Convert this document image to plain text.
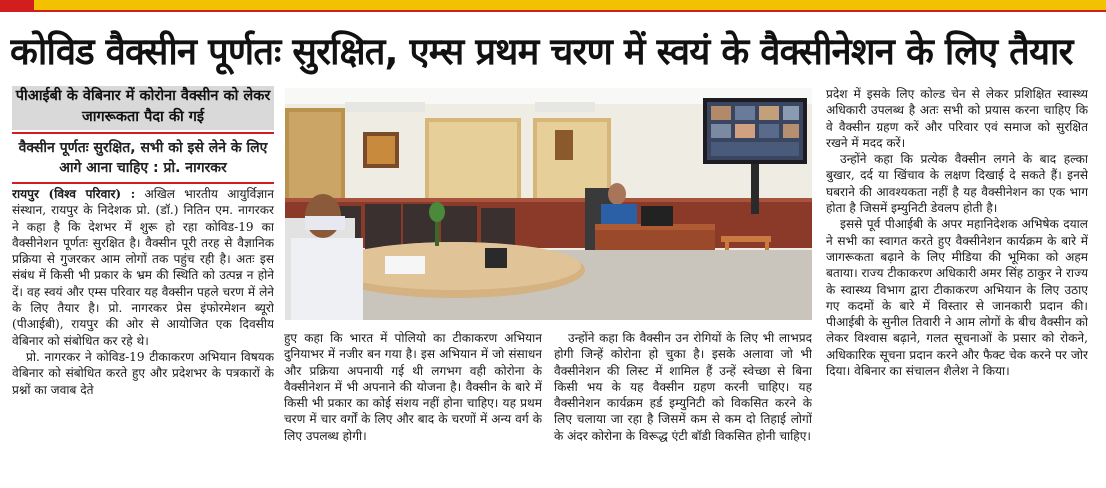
कोविड वैक्सीन पूर्णतः सुरक्षित, एम्स प्रथम चरण में स्वयं के वैक्सीनेशन के लिए तैयार
पीआईबी के वेबिनार में कोरोना वैक्सीन को लेकर जागरूकता पैदा की गई
वैक्सीन पूर्णतः सुरक्षित, सभी को इसे लेने के लिए आगे आना चाहिए : प्रो. नागरकर

रायपुर (विश्व परिवार) : अखिल भारतीय आयुर्विज्ञान संस्थान, रायपुर के निदेशक प्रो. (डॉ.) नितिन एम. नागरकर ने कहा है कि देशभर में शुरू हो रहा कोविड-19 का वैक्सीनेशन पूर्णतः सुरक्षित है। वैक्सीन पूरी तरह से वैज्ञानिक प्रक्रिया से गुजरकर आम लोगों तक पहुंच रही है। अतः इस संबंध में किसी भी प्रकार के भ्रम की स्थिति को उत्पन्न न होने दें। वह स्वयं और एम्स परिवार यह वैक्सीन पहले चरण में लेने के लिए तैयार है। प्रो. नागरकर प्रेस इंफोरमेशन ब्यूरो (पीआईबी), रायपुर की ओर से आयोजित एक दिवसीय वेबिनार को संबोधित कर रहे थे।

प्रो. नागरकर ने कोविड-19 टीकाकरण अभियान विषयक वेबिनार को संबोधित करते हुए और प्रदेशभर के पत्रकारों के प्रश्नों का जवाब देते

हुए कहा कि भारत में पोलियो का टीकाकरण अभियान दुनियाभर में नजीर बन गया है। इस अभियान में जो संसाधन और प्रक्रिया अपनायी गई थी लगभग वही कोरोना के वैक्सीनेशन में भी अपनाने की योजना है। वैक्सीन के बारे में किसी भी प्रकार का कोई संशय नहीं होना चाहिए। यह प्रथम चरण में चार वर्गों के लिए और बाद के चरणों में अन्य वर्ग के लिए उपलब्ध होगी।

उन्होंने कहा कि वैक्सीन उन रोगियों के लिए भी लाभप्रद होगी जिन्हें कोरोना हो चुका है। इसके अलावा जो भी वैक्सीनेशन की लिस्ट में शामिल हैं उन्हें स्वेच्छा से बिना किसी भय के यह वैक्सीन ग्रहण करनी चाहिए। यह वैक्सीनेशन कार्यक्रम हर्ड इम्युनिटी को विकसित करने के लिए चलाया जा रहा है जिसमें कम से कम दो तिहाई लोगों के अंदर कोरोना के विरूद्ध एंटी बॉडी विकसित होनी चाहिए।

प्रदेश में इसके लिए कोल्ड चेन से लेकर प्रशिक्षित स्वास्थ्य अधिकारी उपलब्ध है अतः सभी को प्रयास करना चाहिए कि वे वैक्सीन ग्रहण करें और परिवार एवं समाज को सुरक्षित रखने में मदद करें।

उन्होंने कहा कि प्रत्येक वैक्सीन लगने के बाद हल्का बुखार, दर्द या खिंचाव के लक्षण दिखाई दे सकते हैं। इनसे घबराने की आवश्यकता नहीं है यह वैक्सीनेशन का एक भाग होता है जिसमें इम्युनिटी डेवलप होती है।

इससे पूर्व पीआईबी के अपर महानिदेशक अभिषेक दयाल ने सभी का स्वागत करते हुए वैक्सीनेशन कार्यक्रम के बारे में जागरूकता बढ़ाने के लिए मीडिया की भूमिका को अहम बताया। राज्य टीकाकरण अधिकारी अमर सिंह ठाकुर ने राज्य के स्वास्थ्य विभाग द्वारा टीकाकरण अभियान के लिए उठाए गए कदमों के बारे में विस्तार से जानकारी प्रदान की। पीआईबी के सुनील तिवारी ने आम लोगों के बीच वैक्सीन को लेकर विश्वास बढ़ाने, गलत सूचनाओं के प्रसार को रोकने, अधिकारिक सूचना प्रदान करने और फैक्ट चेक करने पर जोर दिया। वेबिनार का संचालन शैलेश ने किया।
